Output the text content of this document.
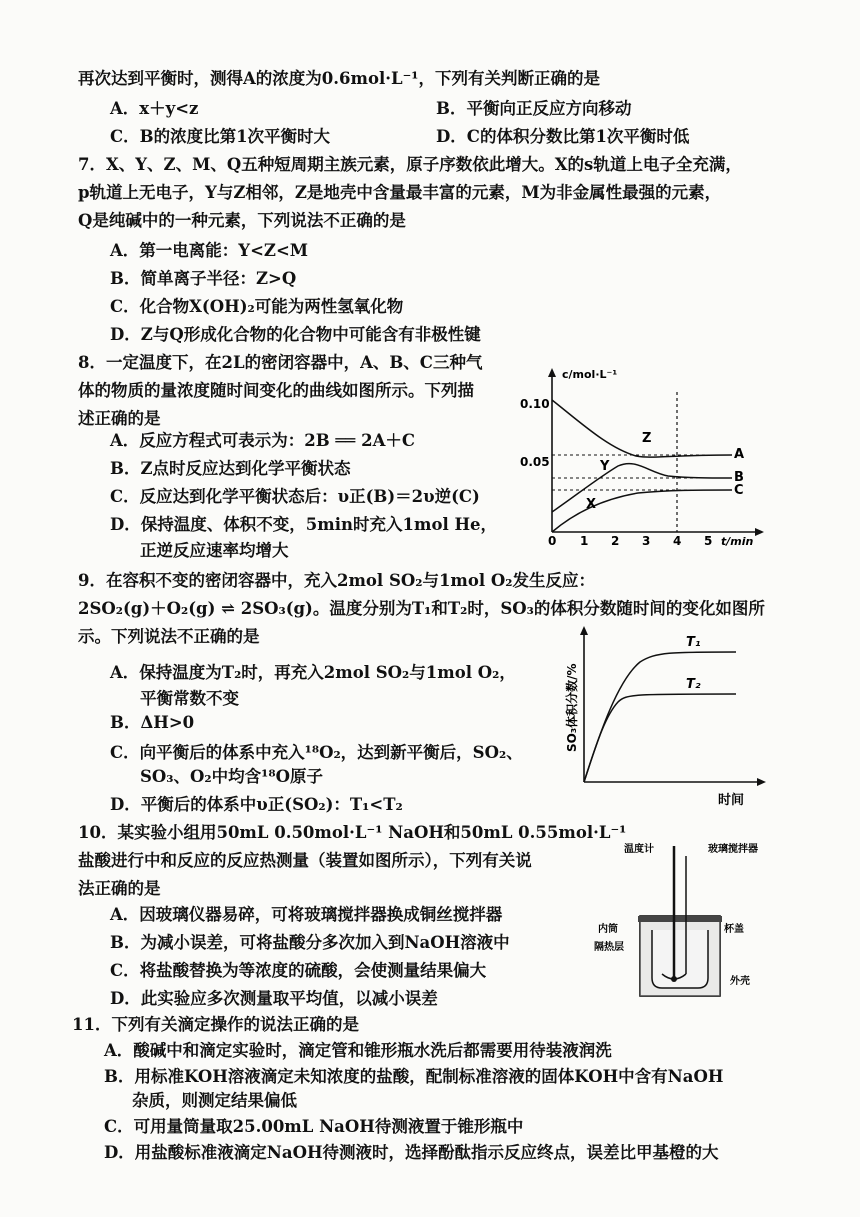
再次达到平衡时，测得A的浓度为0.6mol·L⁻¹，下列有关判断正确的是
A．x＋y<z	B．平衡向正反应方向移动
C．B的浓度比第1次平衡时大	D．C的体积分数比第1次平衡时低
7．X、Y、Z、M、Q五种短周期主族元素，原子序数依此增大。X的s轨道上电子全充满，
p轨道上无电子，Y与Z相邻，Z是地壳中含量最丰富的元素，M为非金属性最强的元素，
Q是纯碱中的一种元素，下列说法不正确的是
A．第一电离能：Y<Z<M
B．简单离子半径：Z>Q
C．化合物X(OH)₂可能为两性氢氧化物
D．Z与Q形成化合物的化合物中可能含有非极性键
8．一定温度下，在2L的密闭容器中，A、B、C三种气
体的物质的量浓度随时间变化的曲线如图所示。下列描
述正确的是
A．反应方程式可表示为：2B ══ 2A＋C
B．Z点时反应达到化学平衡状态
C．反应达到化学平衡状态后：υ正(B)＝2υ逆(C)
D．保持温度、体积不变，5min时充入1mol He，
正逆反应速率均增大
c/mol·L⁻¹
0.10
0.05
0 1 2 3 4 5 t/min
A
B
C
Z
Y
X
9．在容积不变的密闭容器中，充入2mol SO₂与1mol O₂发生反应：
2SO₂(g)＋O₂(g) ⇌ 2SO₃(g)。温度分别为T₁和T₂时，SO₃的体积分数随时间的变化如图所
示。下列说法不正确的是
A．保持温度为T₂时，再充入2mol SO₂与1mol O₂，
平衡常数不变
B．ΔH>0
C．向平衡后的体系中充入¹⁸O₂，达到新平衡后，SO₂、
SO₃、O₂中均含¹⁸O原子
D．平衡后的体系中υ正(SO₂)：T₁<T₂
SO₃体积分数/%
时间
T₁
T₂
10．某实验小组用50mL 0.50mol·L⁻¹ NaOH和50mL 0.55mol·L⁻¹
盐酸进行中和反应的反应热测量（装置如图所示），下列有关说
法正确的是
A．因玻璃仪器易碎，可将玻璃搅拌器换成铜丝搅拌器
B．为减小误差，可将盐酸分多次加入到NaOH溶液中
C．将盐酸替换为等浓度的硫酸，会使测量结果偏大
D．此实验应多次测量取平均值，以减小误差
温度计	玻璃搅拌器
内筒	杯盖
隔热层
外壳
11．下列有关滴定操作的说法正确的是
A．酸碱中和滴定实验时，滴定管和锥形瓶水洗后都需要用待装液润洗
B．用标准KOH溶液滴定未知浓度的盐酸，配制标准溶液的固体KOH中含有NaOH
杂质，则测定结果偏低
C．可用量筒量取25.00mL NaOH待测液置于锥形瓶中
D．用盐酸标准液滴定NaOH待测液时，选择酚酞指示反应终点，误差比甲基橙的大
